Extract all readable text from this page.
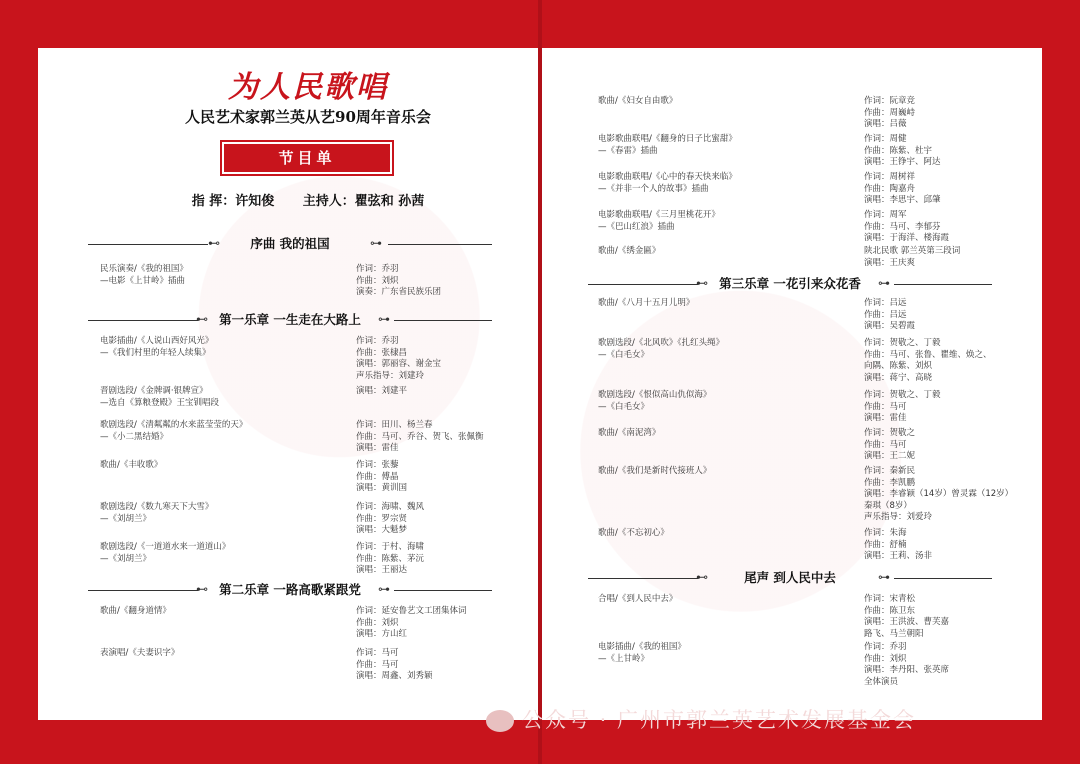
为人民歌唱
人民艺术家郭兰英从艺90周年音乐会
节目单
指 挥：许知俊 主持人：瞿弦和 孙茜
⊷	序曲 我的祖国	⊶
民乐演奏/《我的祖国》
—电影《上甘岭》插曲
作词：乔羽
作曲：刘炽
演奏：广东省民族乐团
⊷ 第一乐章 一生走在大路上	⊶
电影插曲/《人说山西好风光》
—《我们村里的年轻人续集》
作词：乔羽
作曲：张棣昌
演唱：郭丽容、谢金宝
声乐指导：刘建玲
晋剧选段/《金牌调·银牌宣》
—选自《算粮登殿》王宝钏唱段
演唱：刘建平
歌剧选段/《清粼粼的水来蓝莹莹的天》
—《小二黑结婚》
作词：田川、杨兰春
作曲：马可、乔谷、贺飞、张佩衡
演唱：雷佳
歌曲/《丰收歌》	作词：张藜
作曲：傅晶
演唱：黄训国
歌剧选段/《数九寒天下大雪》
—《刘胡兰》
作词：海啸、魏风
作曲：罗宗贤
演唱：大魁梦
歌剧选段/《一道道水来一道道山》
—《刘胡兰》
作词：于村、海啸
作曲：陈紫、茅沅
演唱：王丽达
⊷ 第二乐章 一路高歌紧跟党	⊶
歌曲/《翻身道情》	作词：延安鲁艺文工团集体词
作曲：刘炽
演唱：方山红
表演唱/《夫妻识字》	作词：马可
作曲：马可
演唱：周鑫、刘秀颖
歌曲/《妇女自由歌》	作词：阮章竞
作曲：周巍峙
演唱：吕薇
电影歌曲联唱/《翻身的日子比蜜甜》
—《春雷》插曲
作词：周健
作曲：陈紫、杜宇
演唱：王铮宇、阿达
电影歌曲联唱/《心中的春天快来临》
—《并非一个人的故事》插曲
作词：周树祥
作曲：陶嘉舟
演唱：李思宇、邱肇
电影歌曲联唱/《三月里桃花开》
—《巴山红浪》插曲
作词：周军
作曲：马可、李郁芬
演唱：于海洋、楼海霞
歌曲/《绣金匾》	陕北民歌 郭兰英第三段词
演唱：王庆爽
⊷ 第三乐章 一花引来众花香	⊶
歌曲/《八月十五月儿明》	作词：吕远
作曲：吕远
演唱：吴碧霞
歌剧选段/《北风吹》《扎红头绳》
—《白毛女》
作词：贺敬之、丁毅
作曲：马可、张鲁、瞿维、焕之、
向隅、陈紫、刘炽
演唱：蒋宁、高晓
歌剧选段/《恨似高山仇似海》
—《白毛女》
作词：贺敬之、丁毅
作曲：马可
演唱：雷佳
歌曲/《南泥湾》	作词：贺敬之
作曲：马可
演唱：王二妮
歌曲/《我们是新时代接班人》	作词：秦新民
作曲：李凯鹏
演唱：李睿颖（14岁）曾灵霖（12岁）
秦琪（8岁）
声乐指导：刘爱玲
歌曲/《不忘初心》	作词：朱海
作曲：舒楠
演唱：王莉、汤非
⊷	尾声 到人民中去	⊶
合唱/《到人民中去》	作词：宋青松
作曲：陈卫东
演唱：王洪波、曹芙嘉
路飞、马兰朝阳
电影插曲/《我的祖国》
—《上甘岭》
作词：乔羽
作曲：刘炽
演唱：李丹阳、张英席
全体演员
公众号 · 广州市郭兰英艺术发展基金会
